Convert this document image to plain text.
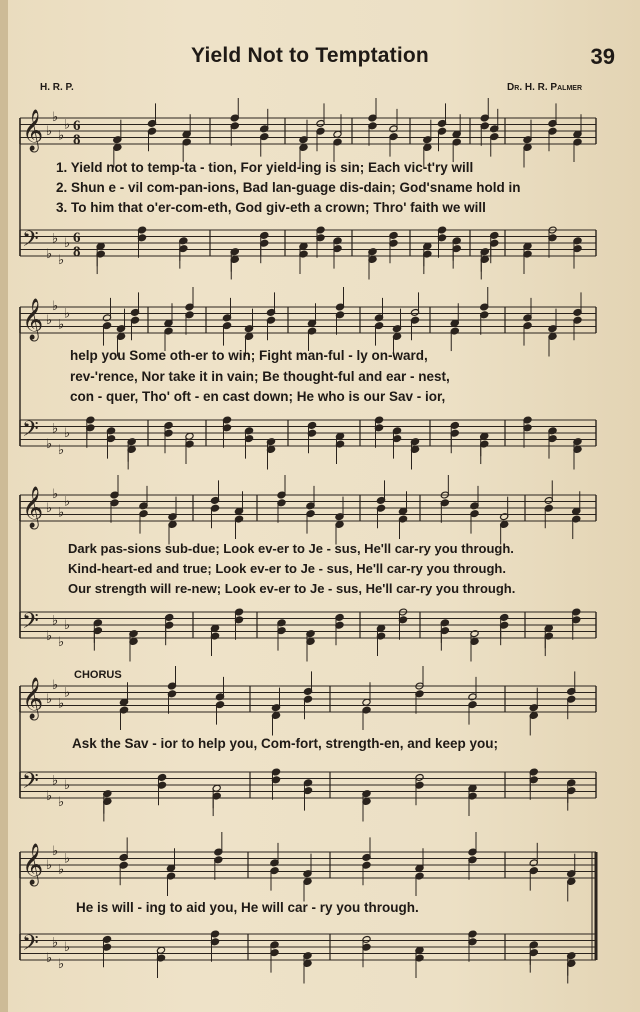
Yield Not to Temptation	39
H. R. P.	Dr. H. R. Palmer
𝄞 ♭
♭
♭
♭ 6
8
𝄢 ♭
♭
♭
♭ 6
8
𝄞 ♭
♭
♭
♭
𝄢 ♭
♭
♭
♭
𝄞 ♭
♭
♭
♭
𝄢 ♭
♭
♭
♭
𝄞 ♭
♭
♭
♭
𝄢 ♭
♭
♭
♭
𝄞 ♭
♭
♭
♭
𝄢 ♭
♭
♭
♭
1. Yield not to temp-ta - tion, For yield-ing is sin; Each vic-t'ry will
2. Shun e - vil com-pan-ions, Bad lan-guage dis-dain; God'sname hold in
3. To him that o'er-com-eth, God giv-eth a crown; Thro' faith we will
help you Some oth-er to win; Fight man-ful - ly on-ward,
rev-'rence, Nor take it in vain; Be thought-ful and ear - nest,
con - quer, Tho' oft - en cast down; He who is our Sav - ior,
Dark pas-sions sub-due; Look ev-er to Je - sus, He'll car-ry you through.
Kind-heart-ed and true; Look ev-er to Je - sus, He'll car-ry you through.
Our strength will re-new; Look ev-er to Je - sus, He'll car-ry you through.
CHORUS
Ask the Sav - ior to help you, Com-fort, strength-en, and keep you;
He is will - ing to aid you, He will car - ry you through.
